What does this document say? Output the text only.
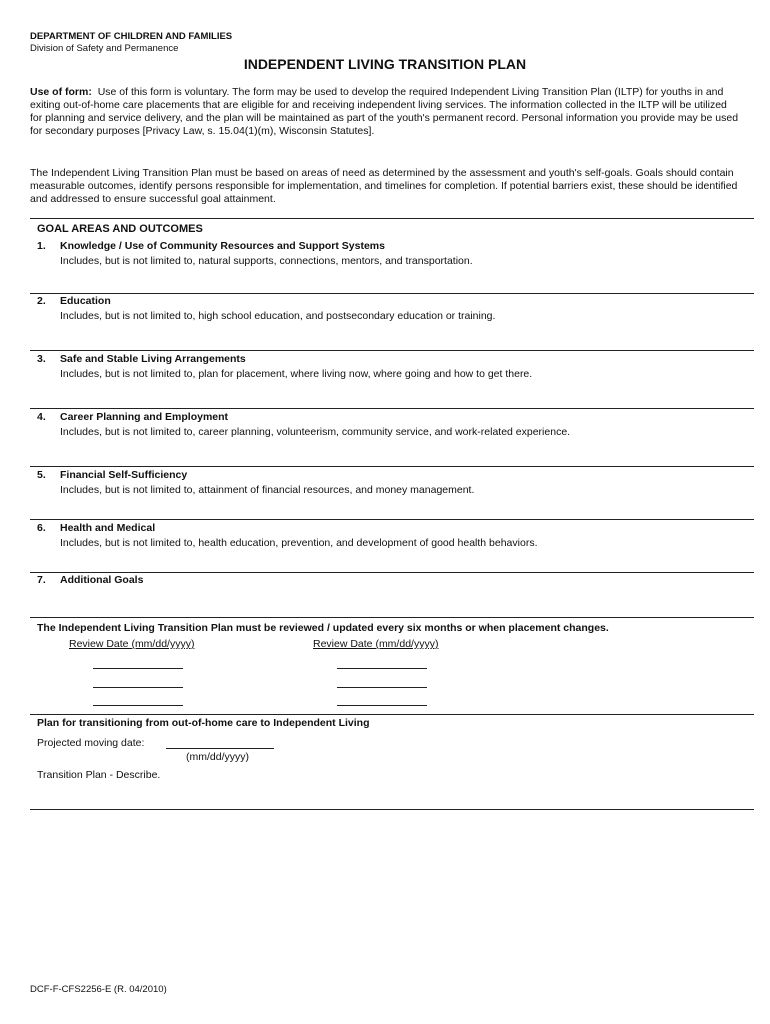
DEPARTMENT OF CHILDREN AND FAMILIES
Division of Safety and Permanence
INDEPENDENT LIVING TRANSITION PLAN
Use of form: Use of this form is voluntary. The form may be used to develop the required Independent Living Transition Plan (ILTP) for youths in and exiting out-of-home care placements that are eligible for and receiving independent living services. The information collected in the ILTP will be utilized for planning and service delivery, and the plan will be maintained as part of the youth's permanent record. Personal information you provide may be used for secondary purposes [Privacy Law, s. 15.04(1)(m), Wisconsin Statutes].
The Independent Living Transition Plan must be based on areas of need as determined by the assessment and youth's self-goals. Goals should contain measurable outcomes, identify persons responsible for implementation, and timelines for completion. If potential barriers exist, these should be identified and addressed to ensure successful goal attainment.
GOAL AREAS AND OUTCOMES
1. Knowledge / Use of Community Resources and Support Systems
Includes, but is not limited to, natural supports, connections, mentors, and transportation.
2. Education
Includes, but is not limited to, high school education, and postsecondary education or training.
3. Safe and Stable Living Arrangements
Includes, but is not limited to, plan for placement, where living now, where going and how to get there.
4. Career Planning and Employment
Includes, but is not limited to, career planning, volunteerism, community service, and work-related experience.
5. Financial Self-Sufficiency
Includes, but is not limited to, attainment of financial resources, and money management.
6. Health and Medical
Includes, but is not limited to, health education, prevention, and development of good health behaviors.
7. Additional Goals
The Independent Living Transition Plan must be reviewed / updated every six months or when placement changes.
Review Date (mm/dd/yyyy)	Review Date (mm/dd/yyyy)
Plan for transitioning from out-of-home care to Independent Living
Projected moving date:
(mm/dd/yyyy)
Transition Plan - Describe.
DCF-F-CFS2256-E (R. 04/2010)
